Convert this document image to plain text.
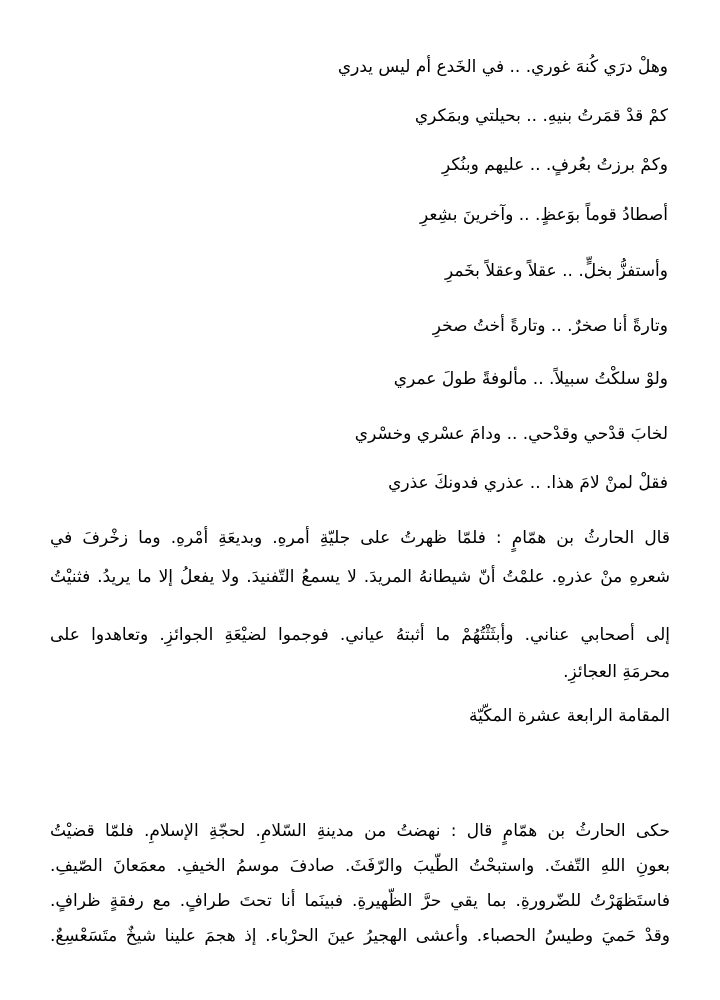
وهلْ درَي كُنهَ غوري. .. في الخَدع أم ليس يدري

كمْ قدْ قمَرتُ بنيهِ. .. بحيلتي وبمَكري

وكمْ برزتُ بعُرفٍ. .. عليهم وبنُكرِ

أصطادُ قوماً بوَعظٍ. .. وآخرينَ بشِعرِ

وأستفزُّ بخلٍّ. .. عقلاً وعقلاً بخَمرِ

وتارةً أنا صخرٌ. .. وتارةً أختُ صخرِ

ولوْ سلكْتُ سبيلاً. .. مألوفةً طولَ عمري

لخابَ قدْحي وقدْحي. .. ودامَ عسْري وخسْري

فقلْ لمنْ لامَ هذا. .. عذري فدونكَ عذري

قال الحارثُ بن همّامٍ : فلمّا ظهرتُ على جليّةِ أمرهِ. وبديعَةِ أمْرهِ. وما زخْرفَ في
شعرهِ منْ عذرهِ. علمْتُ أنّ شيطانهُ المريدَ. لا يسمعُ التّفنيدَ. ولا يفعلُ إلا ما يريدُ. فثنيْتُ
إلى أصحابي عناني. وأبثَثْتُهُمْ ما أثبتهُ عياني. فوجموا لضيْعَةِ الجوائزِ. وتعاهدوا على
محرمَةِ العجائزِ.

المقامة الرابعة عشرة المكّيّة

حكى الحارثُ بن همّامٍ قال : نهضتُ من مدينةِ السّلامِ. لحجّةِ الإسلامِ. فلمّا قضيْتُ
بعونِ اللهِ التّفثَ. واستبحْتُ الطّيبَ والرّفَثَ. صادفَ موسمُ الخيفِ. معمَعانَ الصّيفِ.
فاستَظهَرْتُ للضّرورةِ. بما يقي حرَّ الظّهيرةِ. فبينَما أنا تحتَ طرافٍ. مع رفقةٍ ظرافٍ.
وقدْ حَميَ وطيسُ الحصباء. وأعشى الهجيرُ عينَ الحرْباء. إذ هجمَ علينا شيخٌ متَسَعْسِعٌ.
